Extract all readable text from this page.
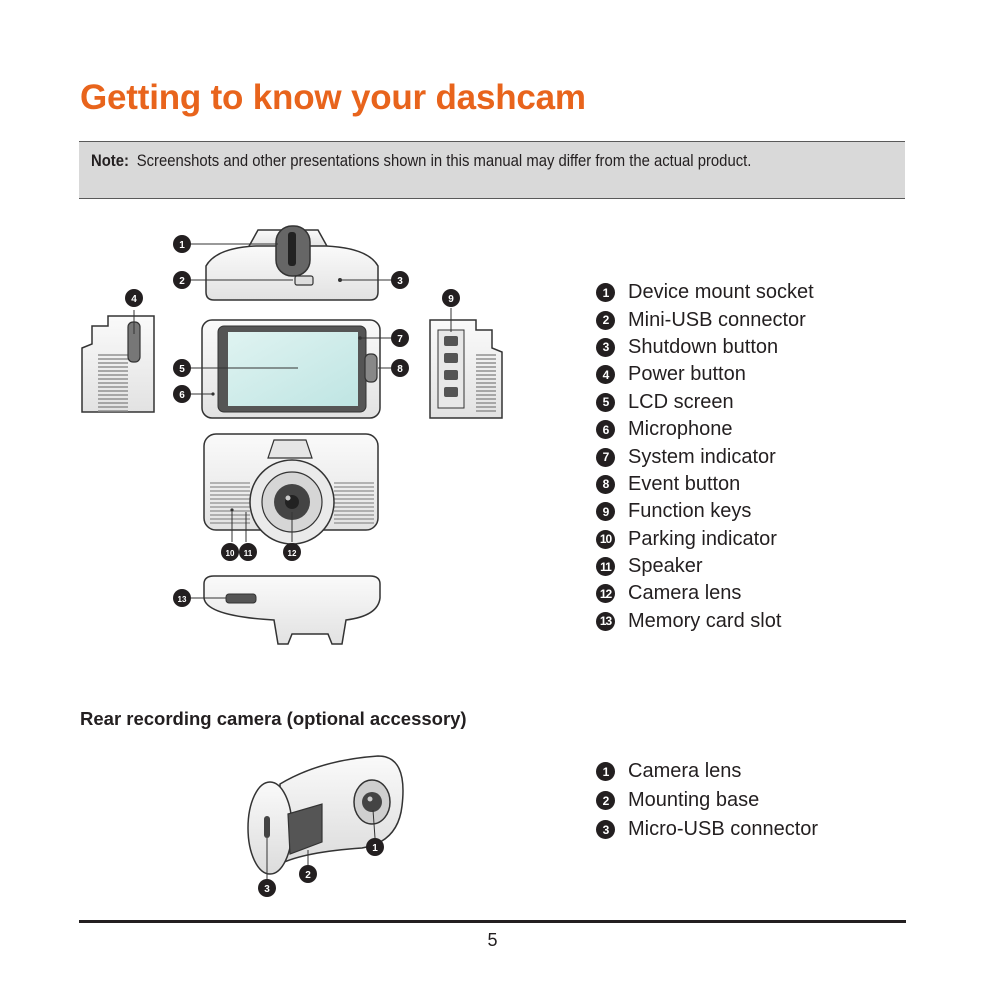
Getting to know your dashcam
Note: Screenshots and other presentations shown in this manual may differ from the actual product.
1
2	3
4	9
7
5	8
6
10 11	12
13
1 Device mount socket
2 Mini-USB connector
3 Shutdown button
4 Power button
5 LCD screen
6 Microphone
7 System indicator
8 Event button
9 Function keys
10 Parking indicator
11 Speaker
12 Camera lens
13 Memory card slot
Rear recording camera (optional accessory)
1
2
3
1 Camera lens
2 Mounting base
3 Micro-USB connector
5
